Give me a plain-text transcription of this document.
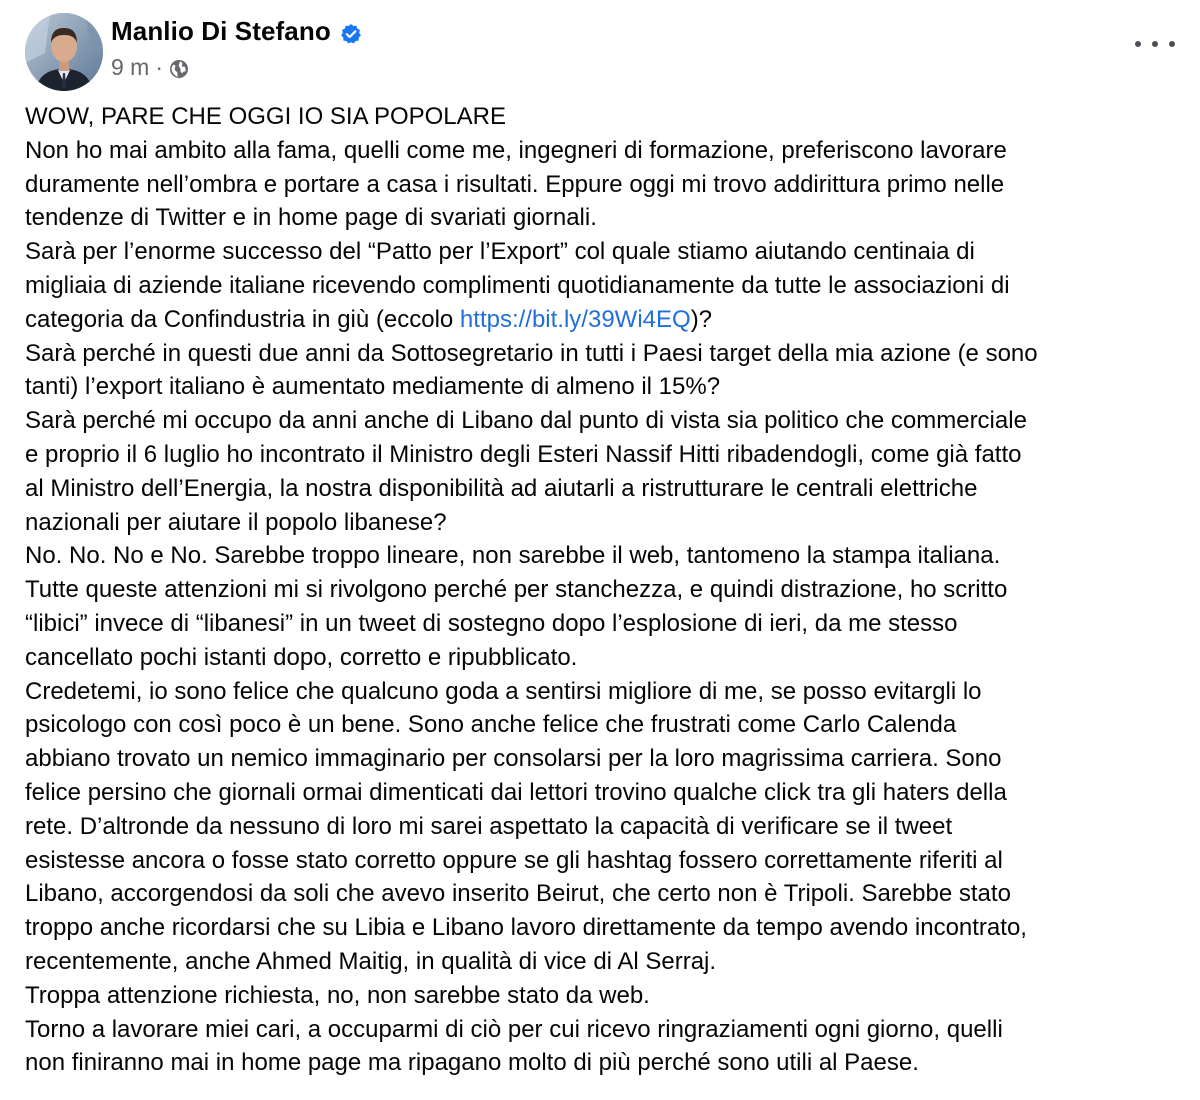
Manlio Di Stefano
9 m ·
WOW, PARE CHE OGGI IO SIA POPOLARE
Non ho mai ambito alla fama, quelli come me, ingegneri di formazione, preferiscono lavorare
duramente nell’ombra e portare a casa i risultati. Eppure oggi mi trovo addirittura primo nelle
tendenze di Twitter e in home page di svariati giornali.
Sarà per l’enorme successo del “Patto per l’Export” col quale stiamo aiutando centinaia di
migliaia di aziende italiane ricevendo complimenti quotidianamente da tutte le associazioni di
categoria da Confindustria in giù (eccolo https://bit.ly/39Wi4EQ)?
Sarà perché in questi due anni da Sottosegretario in tutti i Paesi target della mia azione (e sono
tanti) l’export italiano è aumentato mediamente di almeno il 15%?
Sarà perché mi occupo da anni anche di Libano dal punto di vista sia politico che commerciale
e proprio il 6 luglio ho incontrato il Ministro degli Esteri Nassif Hitti ribadendogli, come già fatto
al Ministro dell’Energia, la nostra disponibilità ad aiutarli a ristrutturare le centrali elettriche
nazionali per aiutare il popolo libanese?
No. No. No e No. Sarebbe troppo lineare, non sarebbe il web, tantomeno la stampa italiana.
Tutte queste attenzioni mi si rivolgono perché per stanchezza, e quindi distrazione, ho scritto
“libici” invece di “libanesi” in un tweet di sostegno dopo l’esplosione di ieri, da me stesso
cancellato pochi istanti dopo, corretto e ripubblicato.
Credetemi, io sono felice che qualcuno goda a sentirsi migliore di me, se posso evitargli lo
psicologo con così poco è un bene. Sono anche felice che frustrati come Carlo Calenda
abbiano trovato un nemico immaginario per consolarsi per la loro magrissima carriera. Sono
felice persino che giornali ormai dimenticati dai lettori trovino qualche click tra gli haters della
rete. D’altronde da nessuno di loro mi sarei aspettato la capacità di verificare se il tweet
esistesse ancora o fosse stato corretto oppure se gli hashtag fossero correttamente riferiti al
Libano, accorgendosi da soli che avevo inserito Beirut, che certo non è Tripoli. Sarebbe stato
troppo anche ricordarsi che su Libia e Libano lavoro direttamente da tempo avendo incontrato,
recentemente, anche Ahmed Maitig, in qualità di vice di Al Serraj.
Troppa attenzione richiesta, no, non sarebbe stato da web.
Torno a lavorare miei cari, a occuparmi di ciò per cui ricevo ringraziamenti ogni giorno, quelli
non finiranno mai in home page ma ripagano molto di più perché sono utili al Paese.
